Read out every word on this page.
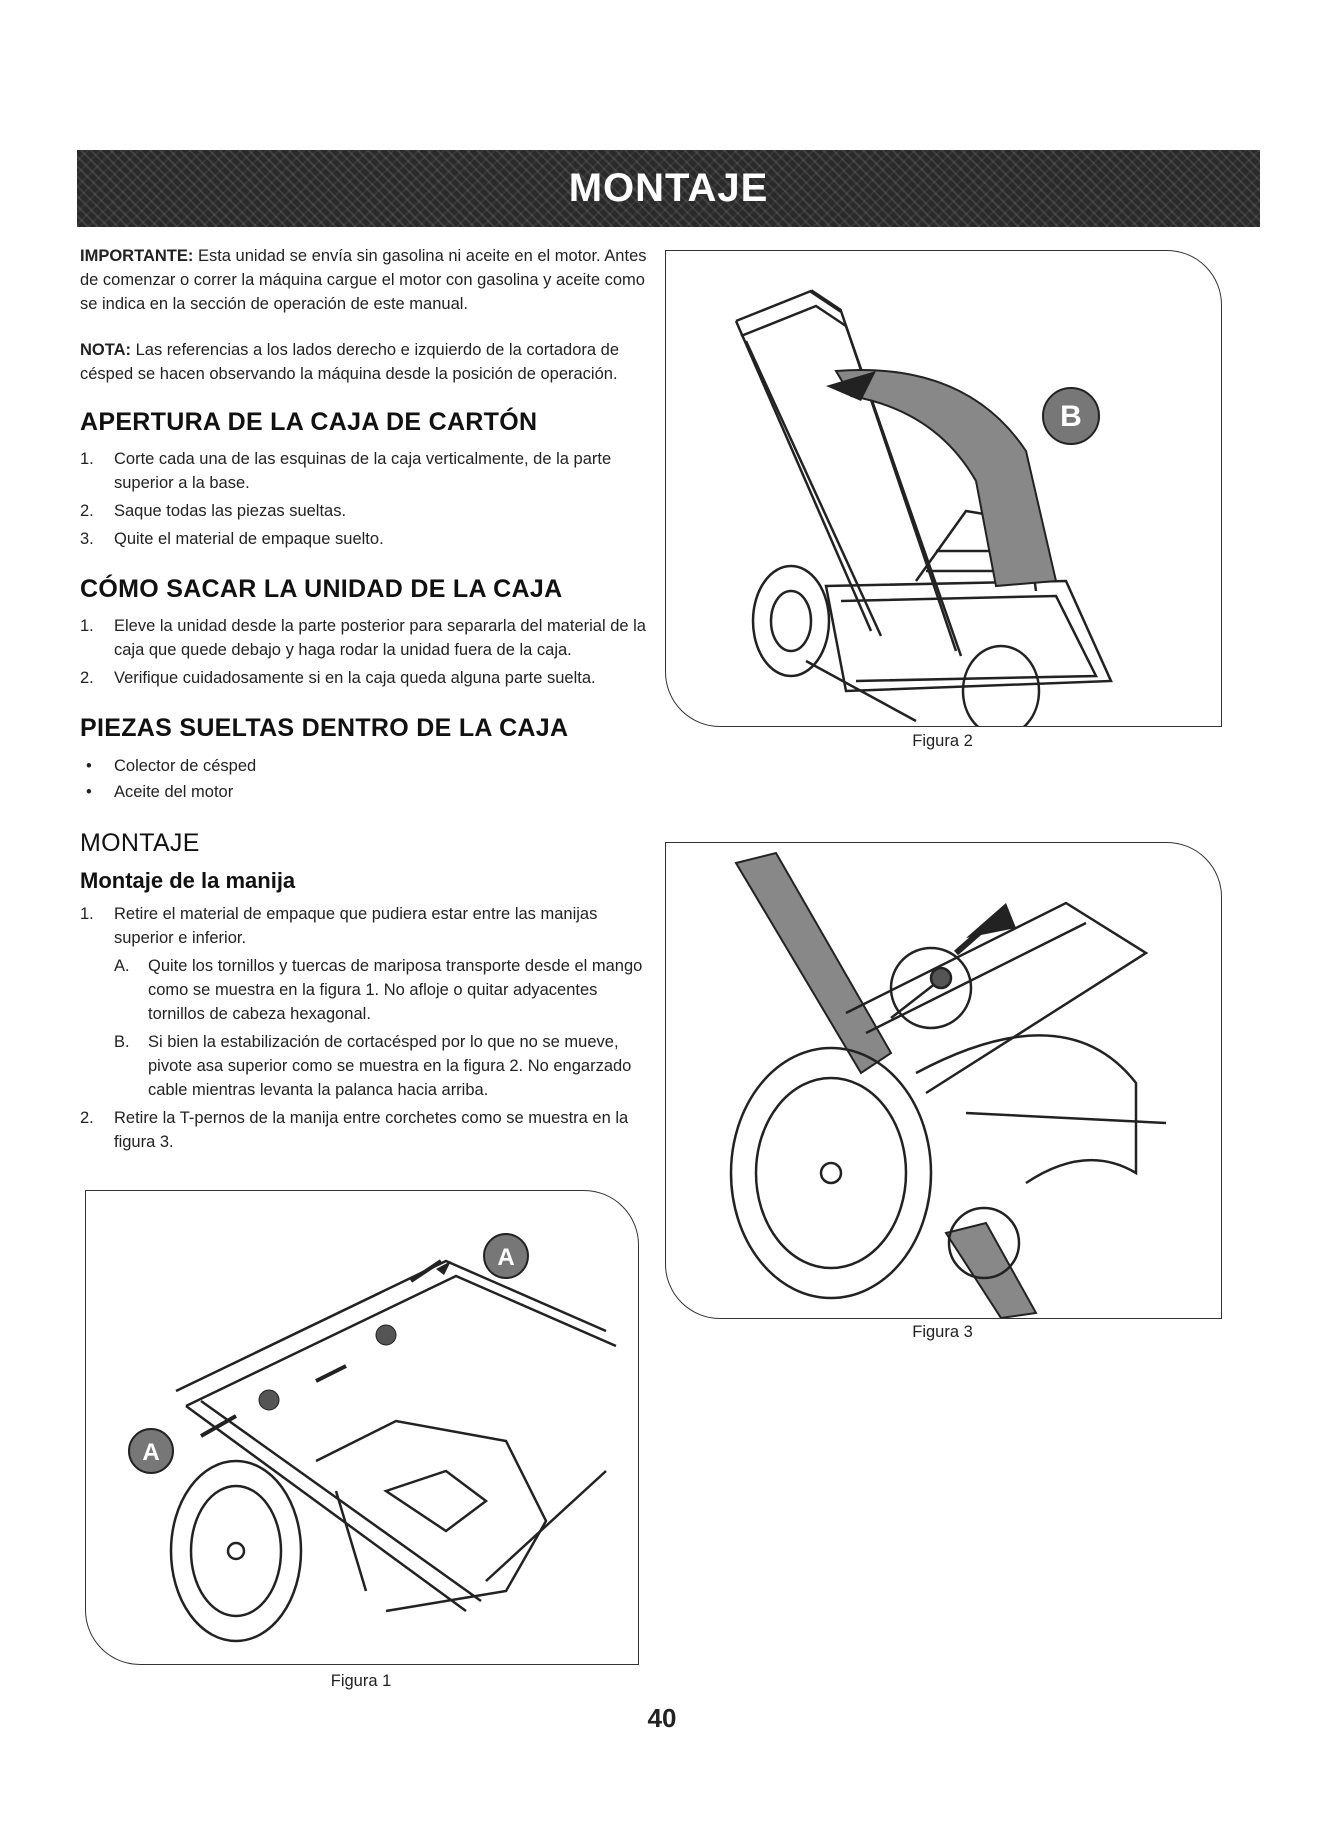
MONTAJE

IMPORTANTE: Esta unidad se envía sin gasolina ni aceite en el motor. Antes de comenzar o correr la máquina cargue el motor con gasolina y aceite como se indica en la sección de operación de este manual.

NOTA: Las referencias a los lados derecho e izquierdo de la cortadora de césped se hacen observando la máquina desde la posición de operación.

APERTURA DE LA CAJA DE CARTÓN
1. Corte cada una de las esquinas de la caja verticalmente, de la parte superior a la base.
2. Saque todas las piezas sueltas.
3. Quite el material de empaque suelto.
CÓMO SACAR LA UNIDAD DE LA CAJA
1. Eleve la unidad desde la parte posterior para separarla del material de la caja que quede debajo y haga rodar la unidad fuera de la caja.
2. Verifique cuidadosamente si en la caja queda alguna parte suelta.
PIEZAS SUELTAS DENTRO DE LA CAJA
• Colector de césped
• Aceite del motor
MONTAJE
Montaje de la manija
1. Retire el material de empaque que pudiera estar entre las manijas superior e inferior.
A. Quite los tornillos y tuercas de mariposa transporte desde el mango como se muestra en la figura 1. No afloje o quitar adyacentes tornillos de cabeza hexagonal.
B. Si bien la estabilización de cortacésped por lo que no se mueve, pivote asa superior como se muestra en la figura 2. No engarzado cable mientras levanta la palanca hacia arriba.
2. Retire la T-pernos de la manija entre corchetes como se muestra en la figura 3.
B
Figura 2
Figura 3
A
A
Figura 1
40
